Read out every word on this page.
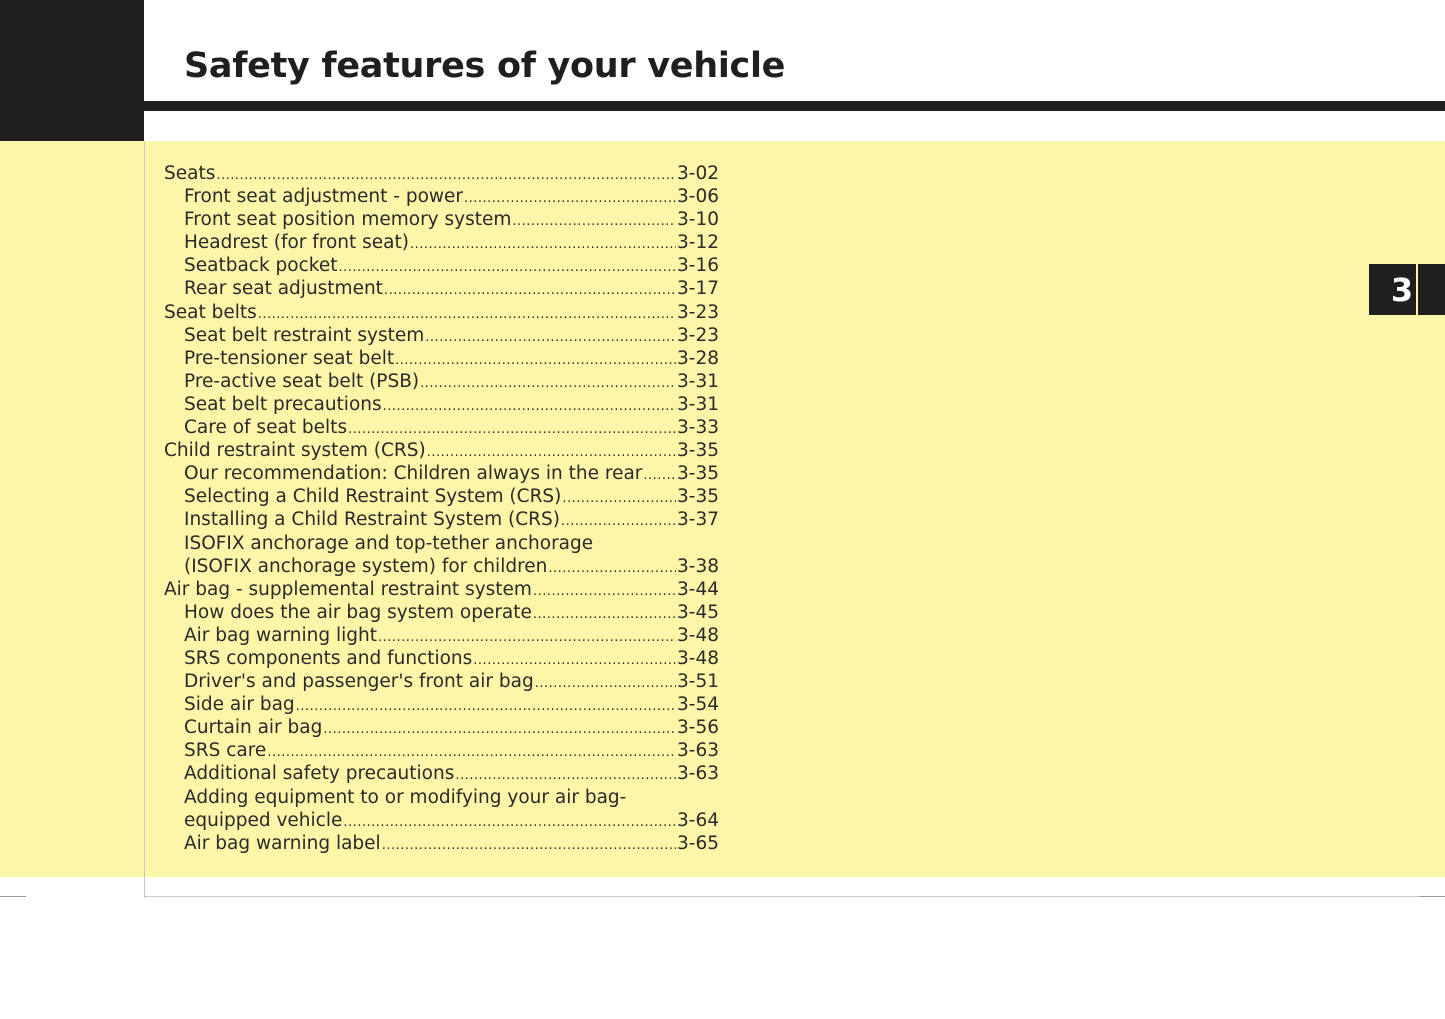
Safety features of your vehicle
3
Seats .....	3-02
Front seat adjustment - power .....	3-06
Front seat position memory system .....	3-10
Headrest (for front seat) .....	3-12
Seatback pocket .....	3-16
Rear seat adjustment .....	3-17
Seat belts .....	3-23
Seat belt restraint system .....	3-23
Pre-tensioner seat belt .....	3-28
Pre-active seat belt (PSB) .....	3-31
Seat belt precautions .....	3-31
Care of seat belts .....	3-33
Child restraint system (CRS) .....	3-35
Our recommendation: Children always in the rear ..... 3-35
Selecting a Child Restraint System (CRS) .....	3-35
Installing a Child Restraint System (CRS) .....	3-37
ISOFIX anchorage and top-tether anchorage
(ISOFIX anchorage system) for children .....	3-38
Air bag - supplemental restraint system .....	3-44
How does the air bag system operate .....	3-45
Air bag warning light .....	3-48
SRS components and functions .....	3-48
Driver's and passenger's front air bag .....	3-51
Side air bag .....	3-54
Curtain air bag .....	3-56
SRS care .....	3-63
Additional safety precautions .....	3-63
Adding equipment to or modifying your air bag-
equipped vehicle .....	3-64
Air bag warning label .....	3-65
